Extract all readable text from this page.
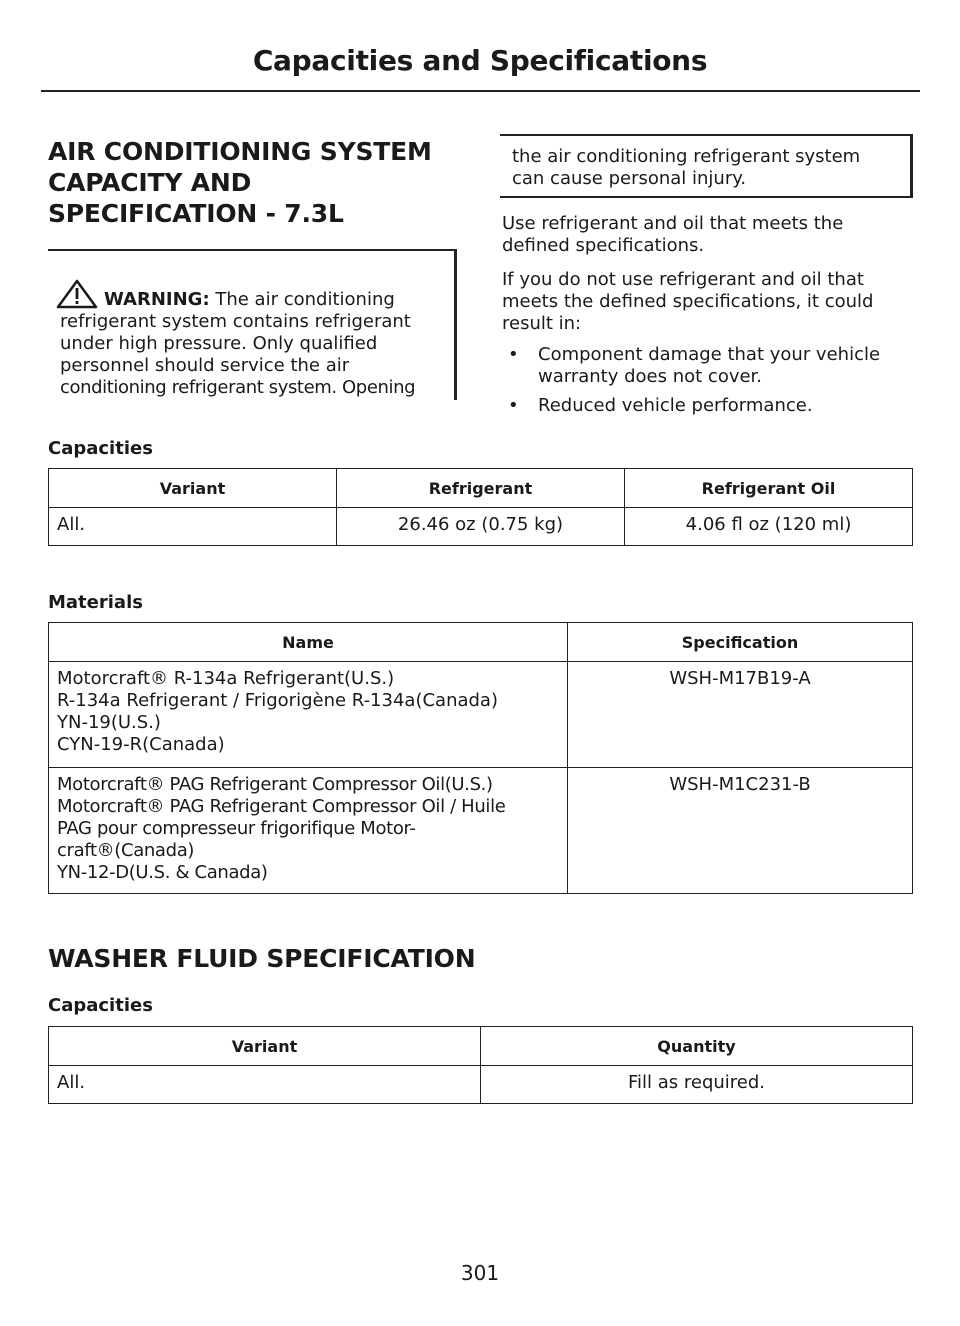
Capacities and Specifications
AIR CONDITIONING SYSTEM
CAPACITY AND
SPECIFICATION - 7.3L
WARNING: The air conditioning
refrigerant system contains refrigerant
under high pressure. Only qualified
personnel should service the air
conditioning refrigerant system. Opening
the air conditioning refrigerant system
can cause personal injury.
Use refrigerant and oil that meets the
defined specifications.
If you do not use refrigerant and oil that
meets the defined specifications, it could
result in:
•	Component damage that your vehicle
warranty does not cover.
•	Reduced vehicle performance.
Capacities
Variant	Refrigerant	Refrigerant Oil
All.	26.46 oz (0.75 kg)	4.06 fl oz (120 ml)
Materials
Name	Specification

Motorcraft® R-134a Refrigerant(U.S.)
R-134a Refrigerant / Frigorigène R-134a(Canada)
YN-19(U.S.)
CYN-19-R(Canada)	WSH-M17B19-A

Motorcraft® PAG Refrigerant Compressor Oil(U.S.)
Motorcraft® PAG Refrigerant Compressor Oil / Huile
PAG pour compresseur frigorifique Motor-
craft®(Canada)
YN-12-D(U.S. & Canada)	WSH-M1C231-B
WASHER FLUID SPECIFICATION
Capacities
Variant	Quantity
All.	Fill as required.
301
